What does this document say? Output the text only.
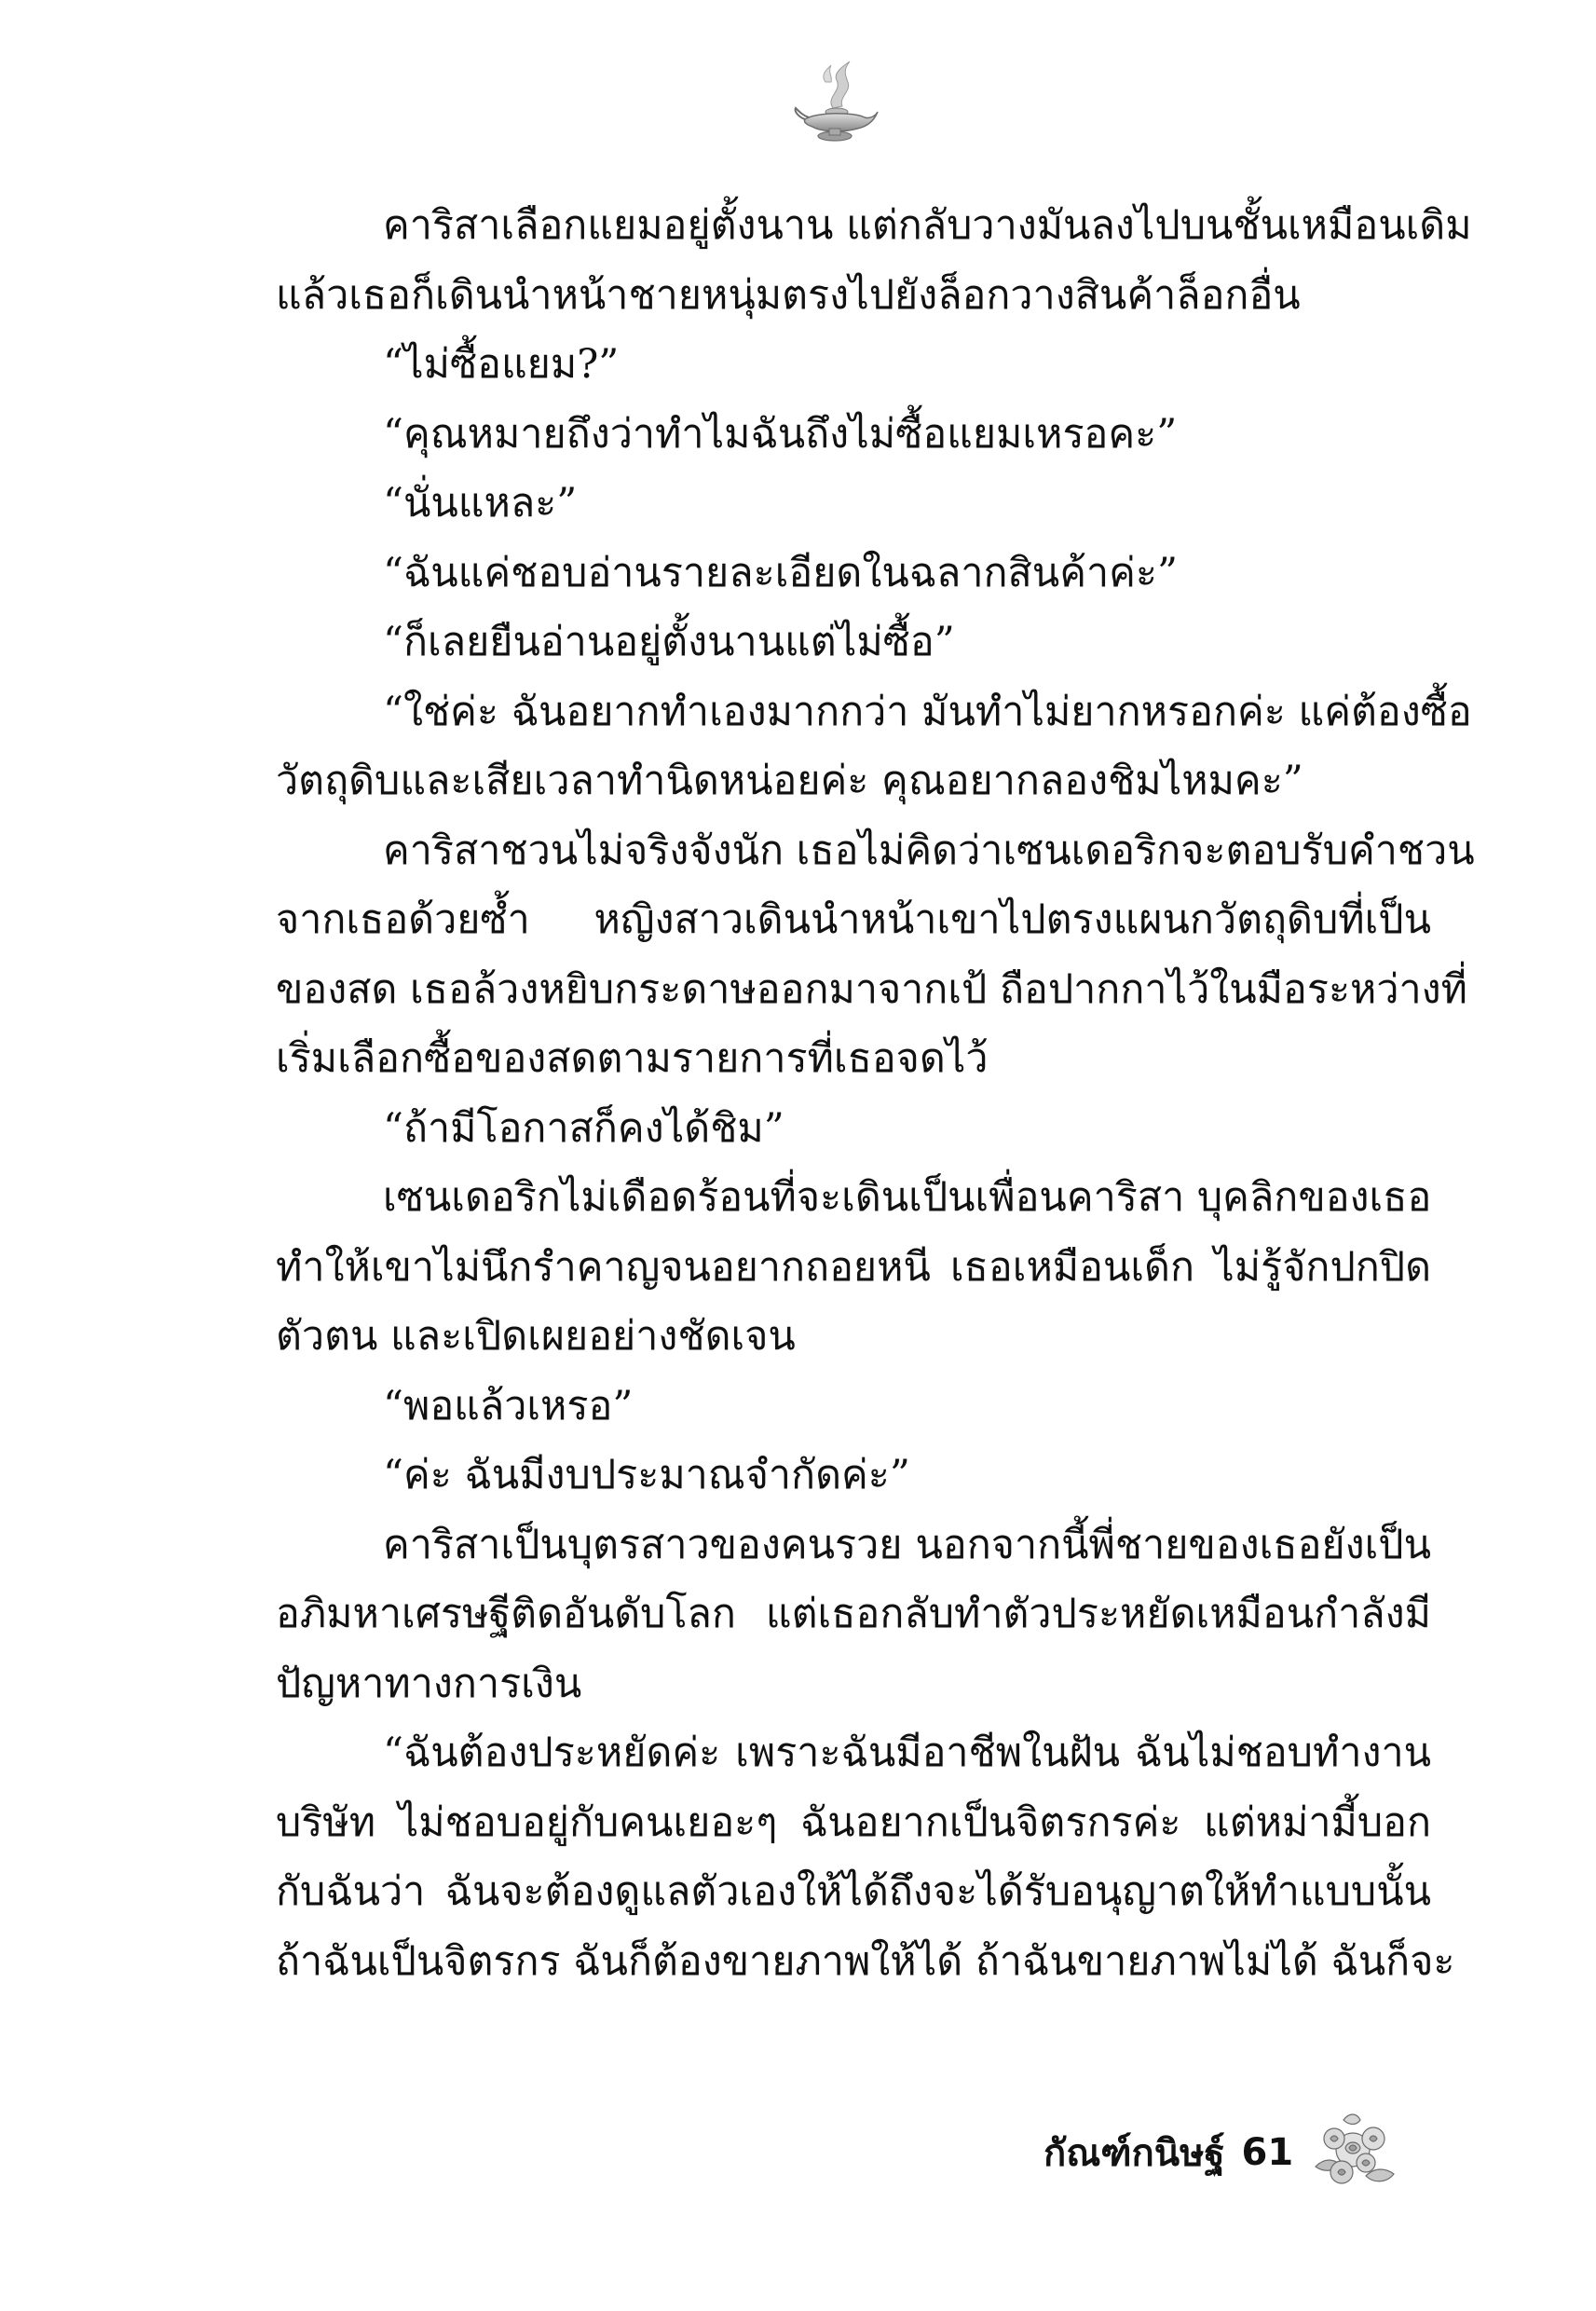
คาริสาเลือกแยมอยู่ตั้งนาน แต่กลับวางมันลงไปบนชั้นเหมือนเดิม
แล้วเธอก็เดินนำหน้าชายหนุ่มตรงไปยังล็อกวางสินค้าล็อกอื่น
“ไม่ซื้อแยม?”
“คุณหมายถึงว่าทำไมฉันถึงไม่ซื้อแยมเหรอคะ”
“นั่นแหละ”
“ฉันแค่ชอบอ่านรายละเอียดในฉลากสินค้าค่ะ”
“ก็เลยยืนอ่านอยู่ตั้งนานแต่ไม่ซื้อ”
“ใช่ค่ะ ฉันอยากทำเองมากกว่า มันทำไม่ยากหรอกค่ะ แค่ต้องซื้อ
วัตถุดิบและเสียเวลาทำนิดหน่อยค่ะ คุณอยากลองชิมไหมคะ”
คาริสาชวนไม่จริงจังนัก เธอไม่คิดว่าเซนเดอริกจะตอบรับคำชวน
จากเธอด้วยซ้ำ หญิงสาวเดินนำหน้าเขาไปตรงแผนกวัตถุดิบที่เป็น
ของสด เธอล้วงหยิบกระดาษออกมาจากเป้ ถือปากกาไว้ในมือระหว่างที่
เริ่มเลือกซื้อของสดตามรายการที่เธอจดไว้
“ถ้ามีโอกาสก็คงได้ชิม”
เซนเดอริกไม่เดือดร้อนที่จะเดินเป็นเพื่อนคาริสา บุคลิกของเธอ
ทำให้เขาไม่นึกรำคาญจนอยากถอยหนี เธอเหมือนเด็ก ไม่รู้จักปกปิด
ตัวตน และเปิดเผยอย่างชัดเจน
“พอแล้วเหรอ”
“ค่ะ ฉันมีงบประมาณจำกัดค่ะ”
คาริสาเป็นบุตรสาวของคนรวย นอกจากนี้พี่ชายของเธอยังเป็น
อภิมหาเศรษฐีติดอันดับโลก แต่เธอกลับทำตัวประหยัดเหมือนกำลังมี
ปัญหาทางการเงิน
“ฉันต้องประหยัดค่ะ เพราะฉันมีอาชีพในฝัน ฉันไม่ชอบทำงาน
บริษัท ไม่ชอบอยู่กับคนเยอะๆ ฉันอยากเป็นจิตรกรค่ะ แต่หม่ามี้บอก
กับฉันว่า ฉันจะต้องดูแลตัวเองให้ได้ถึงจะได้รับอนุญาตให้ทำแบบนั้น
ถ้าฉันเป็นจิตรกร ฉันก็ต้องขายภาพให้ได้ ถ้าฉันขายภาพไม่ได้ ฉันก็จะ
กัณฑ์กนิษฐ์ 61
